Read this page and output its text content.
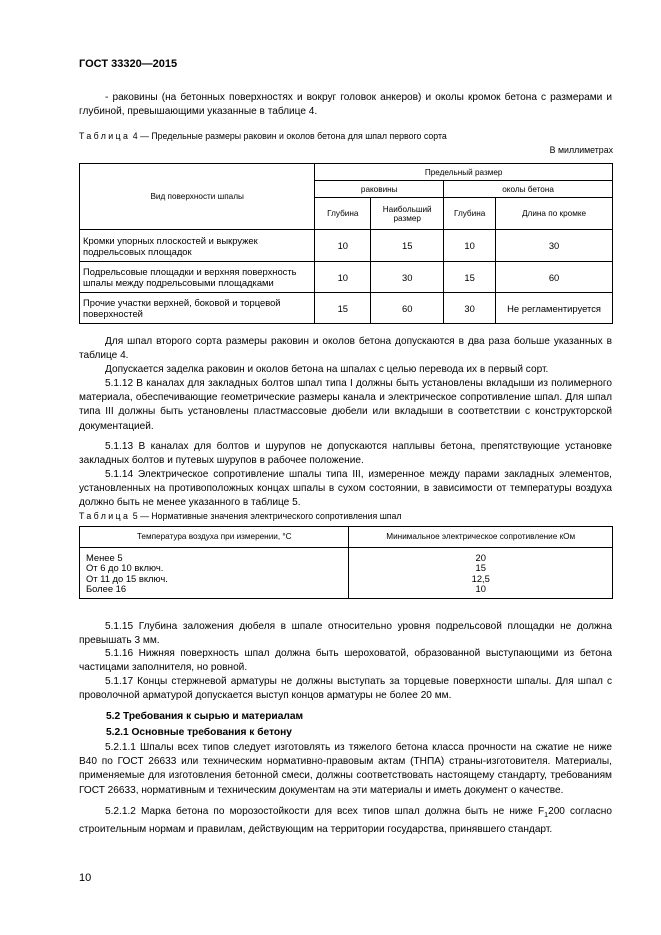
ГОСТ 33320—2015
- раковины (на бетонных поверхностях и вокруг головок анкеров) и околы кромок бетона с размерами и глубиной, превышающими указанные в таблице 4.
Таблица 4 — Предельные размеры раковин и околов бетона для шпал первого сорта
В миллиметрах
Вид поверхности шпалы	Предельный размер			
	раковины		околы бетона	
	Глубина	Наибольший размер	Глубина	Длина по кромке
Кромки упорных плоскостей и выкружек подрельсовых площадок	10	15	10	30
Подрельсовые площадки и верхняя поверхность шпалы между подрельсовыми площадками	10	30	15	60
Прочие участки верхней, боковой и торцевой поверхностей	15	60	30	Не регламентируется
Для шпал второго сорта размеры раковин и околов бетона допускаются в два раза больше указанных в таблице 4.
Допускается заделка раковин и околов бетона на шпалах с целью перевода их в первый сорт.
5.1.12 В каналах для закладных болтов шпал типа I должны быть установлены вкладыши из полимерного материала, обеспечивающие геометрические размеры канала и электрическое сопротивление шпал. Для шпал типа III должны быть установлены пластмассовые дюбели или вкладыши в соответствии с конструкторской документацией.
5.1.13 В каналах для болтов и шурупов не допускаются наплывы бетона, препятствующие установке закладных болтов и путевых шурупов в рабочее положение.
5.1.14 Электрическое сопротивление шпалы типа III, измеренное между парами закладных элементов, установленных на противоположных концах шпалы в сухом состоянии, в зависимости от температуры воздуха должно быть не менее указанного в таблице 5.
Таблица 5 — Нормативные значения электрического сопротивления шпал
Температура воздуха при измерении, °С	Минимальное электрическое сопротивление кОм

Менее 5	20
От 6 до 10 включ.	15
От 11 до 15 включ.	12,5
Более 16	10

5.1.15 Глубина заложения дюбеля в шпале относительно уровня подрельсовой площадки не должна превышать 3 мм.
5.1.16 Нижняя поверхность шпал должна быть шероховатой, образованной выступающими из бетона частицами заполнителя, но ровной.
5.1.17 Концы стержневой арматуры не должны выступать за торцевые поверхности шпалы. Для шпал с проволочной арматурой допускается выступ концов арматуры не более 20 мм.
5.2 Требования к сырью и материалам
5.2.1 Основные требования к бетону
5.2.1.1 Шпалы всех типов следует изготовлять из тяжелого бетона класса прочности на сжатие не ниже В40 по ГОСТ 26633 или техническим нормативно-правовым актам (ТНПА) страны-изготовителя. Материалы, применяемые для изготовления бетонной смеси, должны соответствовать настоящему стандарту, требованиям ГОСТ 26633, нормативным и техническим документам на эти материалы и иметь документ о качестве.
5.2.1.2 Марка бетона по морозостойкости для всех типов шпал должна быть не ниже $F_1200$ согласно строительным нормам и правилам, действующим на территории государства, принявшего стандарт.
10
